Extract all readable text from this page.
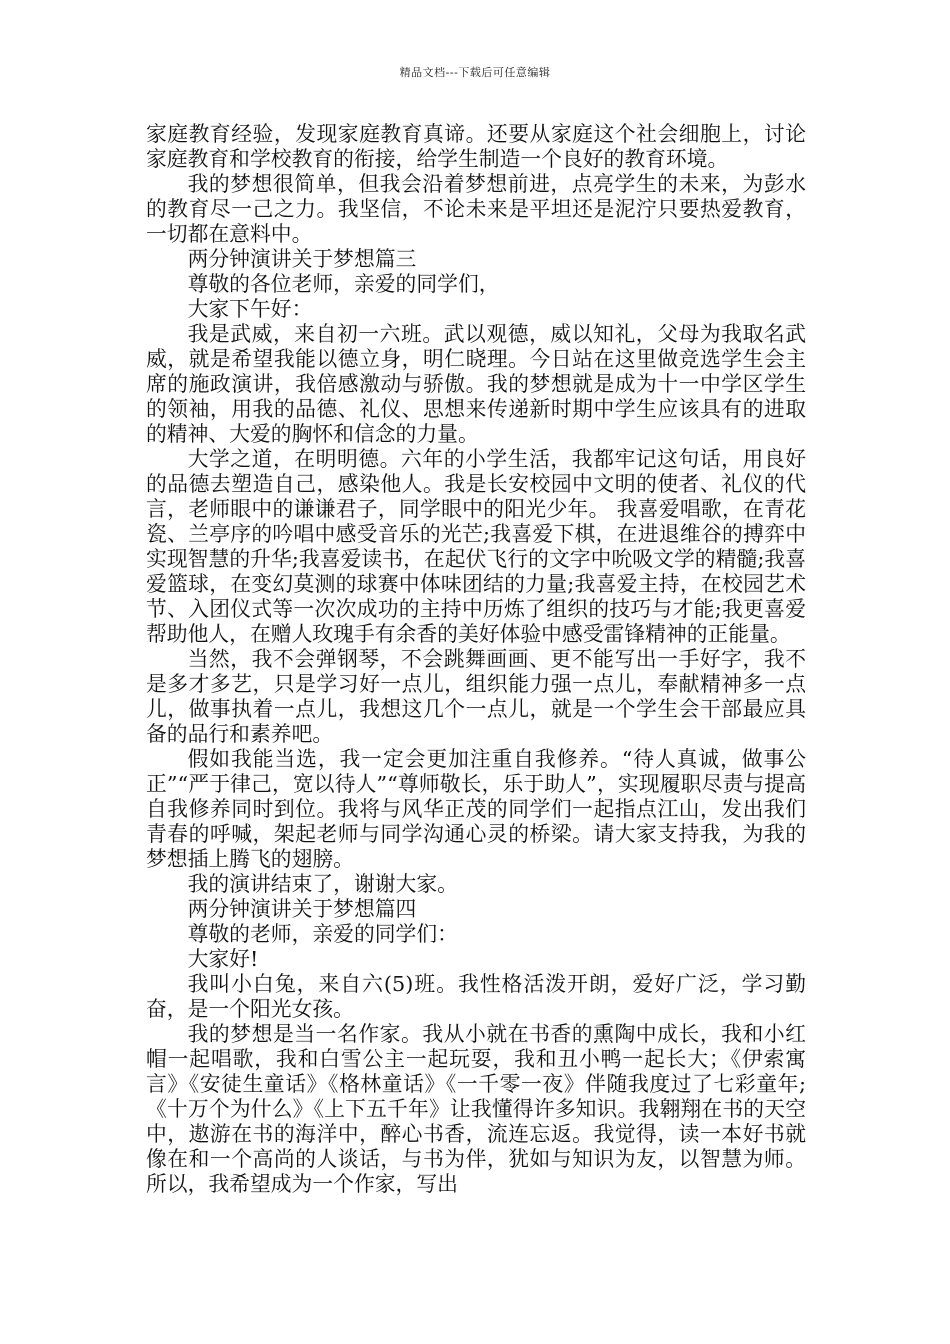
精品文档---下载后可任意编辑

家庭教育经验，发现家庭教育真谛。还要从家庭这个社会细胞上，讨论家庭教育和学校教育的衔接，给学生制造一个良好的教育环境。

我的梦想很简单，但我会沿着梦想前进，点亮学生的未来，为彭水的教育尽一己之力。我坚信，不论未来是平坦还是泥泞只要热爱教育，一切都在意料中。

两分钟演讲关于梦想篇三

尊敬的各位老师，亲爱的同学们，

大家下午好：

我是武威，来自初一六班。武以观德，威以知礼，父母为我取名武威，就是希望我能以德立身，明仁晓理。今日站在这里做竞选学生会主席的施政演讲，我倍感激动与骄傲。我的梦想就是成为十一中学区学生的领袖，用我的品德、礼仪、思想来传递新时期中学生应该具有的进取的精神、大爱的胸怀和信念的力量。

大学之道，在明明德。六年的小学生活，我都牢记这句话，用良好的品德去塑造自己，感染他人。我是长安校园中文明的使者、礼仪的代言，老师眼中的谦谦君子，同学眼中的阳光少年。 我喜爱唱歌，在青花瓷、兰亭序的吟唱中感受音乐的光芒;我喜爱下棋，在进退维谷的搏弈中实现智慧的升华;我喜爱读书，在起伏飞行的文字中吮吸文学的精髓;我喜爱篮球，在变幻莫测的球赛中体味团结的力量;我喜爱主持，在校园艺术节、入团仪式等一次次成功的主持中历炼了组织的技巧与才能;我更喜爱帮助他人，在赠人玫瑰手有余香的美好体验中感受雷锋精神的正能量。

当然，我不会弹钢琴，不会跳舞画画、更不能写出一手好字，我不是多才多艺，只是学习好一点儿，组织能力强一点儿，奉献精神多一点儿，做事执着一点儿，我想这几个一点儿，就是一个学生会干部最应具备的品行和素养吧。

假如我能当选，我一定会更加注重自我修养。“待人真诚，做事公正”“严于律己，宽以待人”“尊师敬长，乐于助人”，实现履职尽责与提高自我修养同时到位。我将与风华正茂的同学们一起指点江山，发出我们青春的呼喊，架起老师与同学沟通心灵的桥梁。请大家支持我，为我的梦想插上腾飞的翅膀。

我的演讲结束了，谢谢大家。

两分钟演讲关于梦想篇四

尊敬的老师，亲爱的同学们：

大家好!

我叫小白兔，来自六(5)班。我性格活泼开朗，爱好广泛，学习勤奋，是一个阳光女孩。

我的梦想是当一名作家。我从小就在书香的熏陶中成长，我和小红帽一起唱歌，我和白雪公主一起玩耍，我和丑小鸭一起长大；《伊索寓言》《安徒生童话》《格林童话》《一千零一夜》伴随我度过了七彩童年;《十万个为什么》《上下五千年》让我懂得许多知识。我翱翔在书的天空中，遨游在书的海洋中，醉心书香，流连忘返。我觉得，读一本好书就像在和一个高尚的人谈话，与书为伴，犹如与知识为友，以智慧为师。所以，我希望成为一个作家，写出
